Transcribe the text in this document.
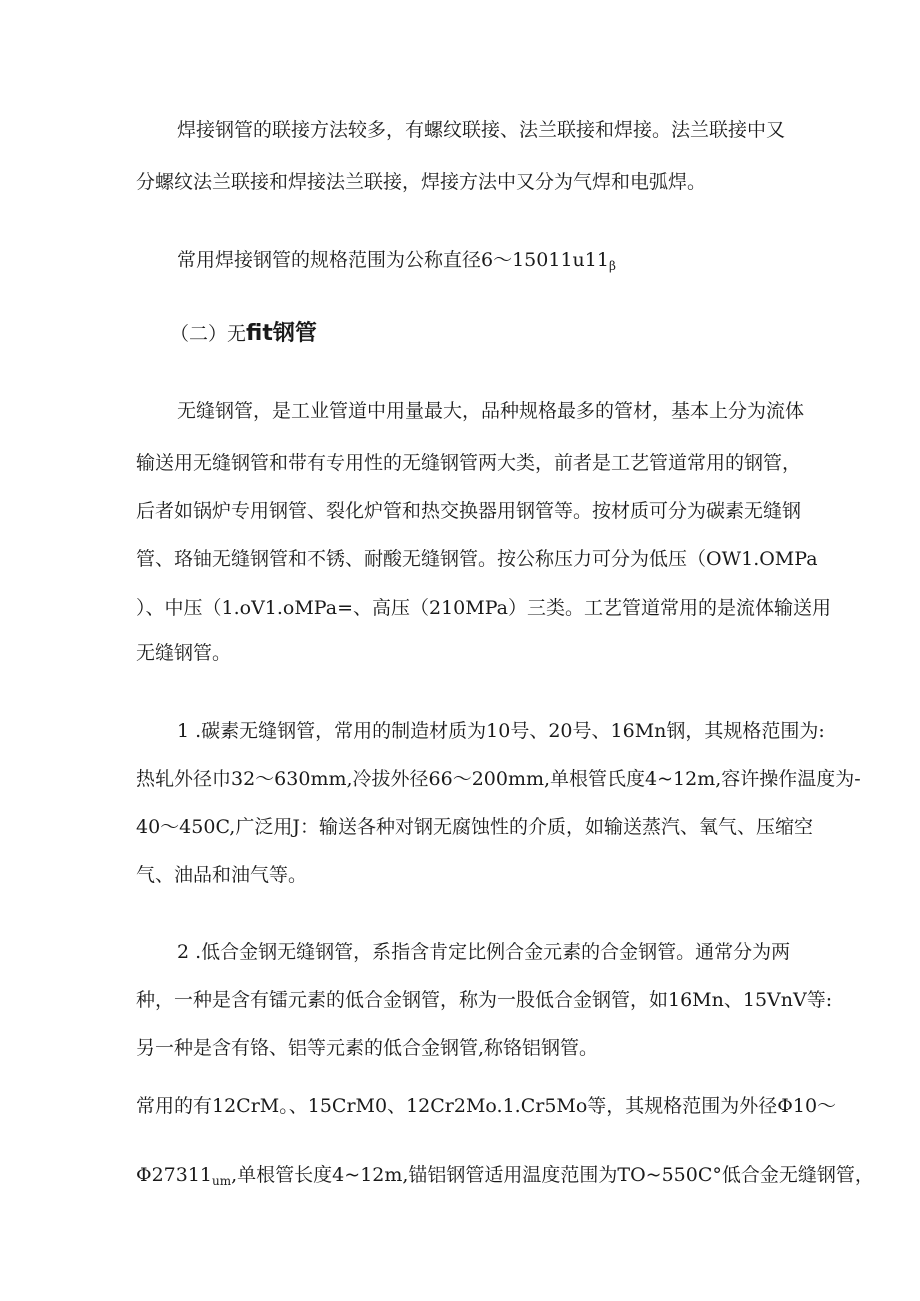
焊接钢管的联接方法较多，有螺纹联接、法兰联接和焊接。法兰联接中又

分螺纹法兰联接和焊接法兰联接，焊接方法中又分为气焊和电弧焊。

常用焊接钢管的规格范围为公称直径$6\sim 15011u11_\beta$

（二）无fit钢管

无缝钢管，是工业管道中用量最大，品种规格最多的管材，基本上分为流体

输送用无缝钢管和带有专用性的无缝钢管两大类，前者是工艺管道常用的钢管，

后者如锅炉专用钢管、裂化炉管和热交换器用钢管等。按材质可分为碳素无缝钢

管、珞铀无缝钢管和不锈、耐酸无缝钢管。按公称压力可分为低压（OW1.OMPa

）、中压（1.oV1.oMPa=、高压（210MPa）三类。工艺管道常用的是流体输送用

无缝钢管。

1 .碳素无缝钢管，常用的制造材质为10号、20号、16Mn钢，其规格范围为:

热轧外径巾32～630mm,冷拔外径66～200mm,单根管氏度4~12m,容许操作温度为-

40～450C,广泛用J：输送各种对钢无腐蚀性的介质，如输送蒸汽、氧气、压缩空

气、油品和油气等。

2 .低合金钢无缝钢管，系指含肯定比例合金元素的合金钢管。通常分为两

种，一种是含有镭元素的低合金钢管，称为一股低合金钢管，如16Mn、15VnV等:

另一种是含有铬、铝等元素的低合金钢管,称铬铝钢管。

常用的有12CrM。、15CrM0、12Cr2Mo.1.Cr5Mo等，其规格范围为外径Φ10～

$\Phi 27311_{um}$,单根管长度4~12m,锚铝钢管适用温度范围为TO~550C°低合金无缝钢管，
